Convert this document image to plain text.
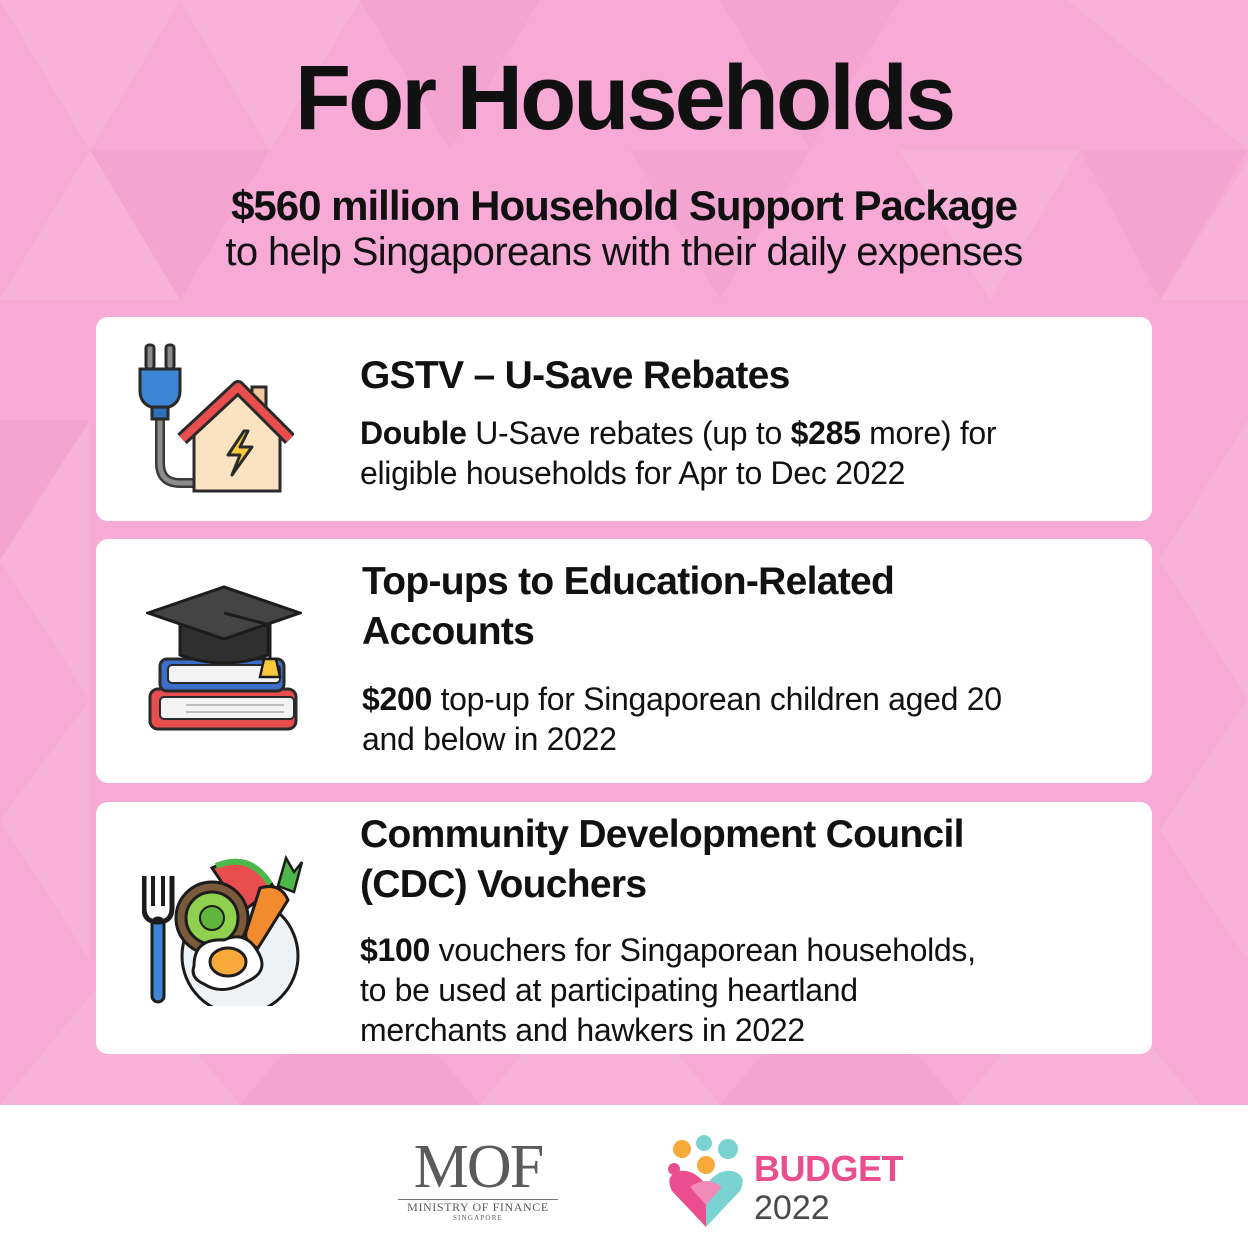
For Households
$560 million Household Support Package
to help Singaporeans with their daily expenses
GSTV – U-Save Rebates

Double U-Save rebates (up to $285 more) for
eligible households for Apr to Dec 2022

Top-ups to Education-Related
Accounts

$200 top-up for Singaporean children aged 20
and below in 2022

Community Development Council
(CDC) Vouchers

$100 vouchers for Singaporean households,
to be used at participating heartland
merchants and hawkers in 2022

MOF
MINISTRY OF FINANCE
SINGAPORE
BUDGET
2022
